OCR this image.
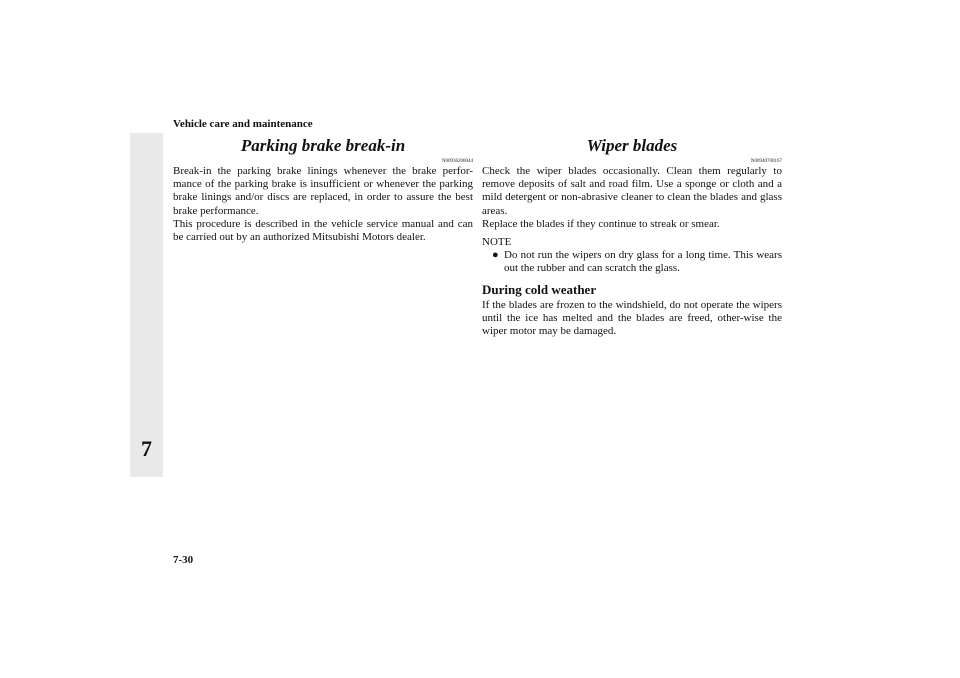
Vehicle care and maintenance
7
Parking brake break-in
N00936200044

Break-in the parking brake linings whenever the brake perfor-mance of the parking brake is insufficient or whenever the parking brake linings and/or discs are replaced, in order to assure the best brake performance.

This procedure is described in the vehicle service manual and can be carried out by an authorized Mitsubishi Motors dealer.

Wiper blades
N00940700167

Check the wiper blades occasionally. Clean them regularly to remove deposits of salt and road film. Use a sponge or cloth and a mild detergent or non-abrasive cleaner to clean the blades and glass areas.

Replace the blades if they continue to streak or smear.

NOTE
● Do not run the wipers on dry glass for a long time. This wears out the rubber and can scratch the glass.
During cold weather

If the blades are frozen to the windshield, do not operate the wipers until the ice has melted and the blades are freed, other-wise the wiper motor may be damaged.

7-30
